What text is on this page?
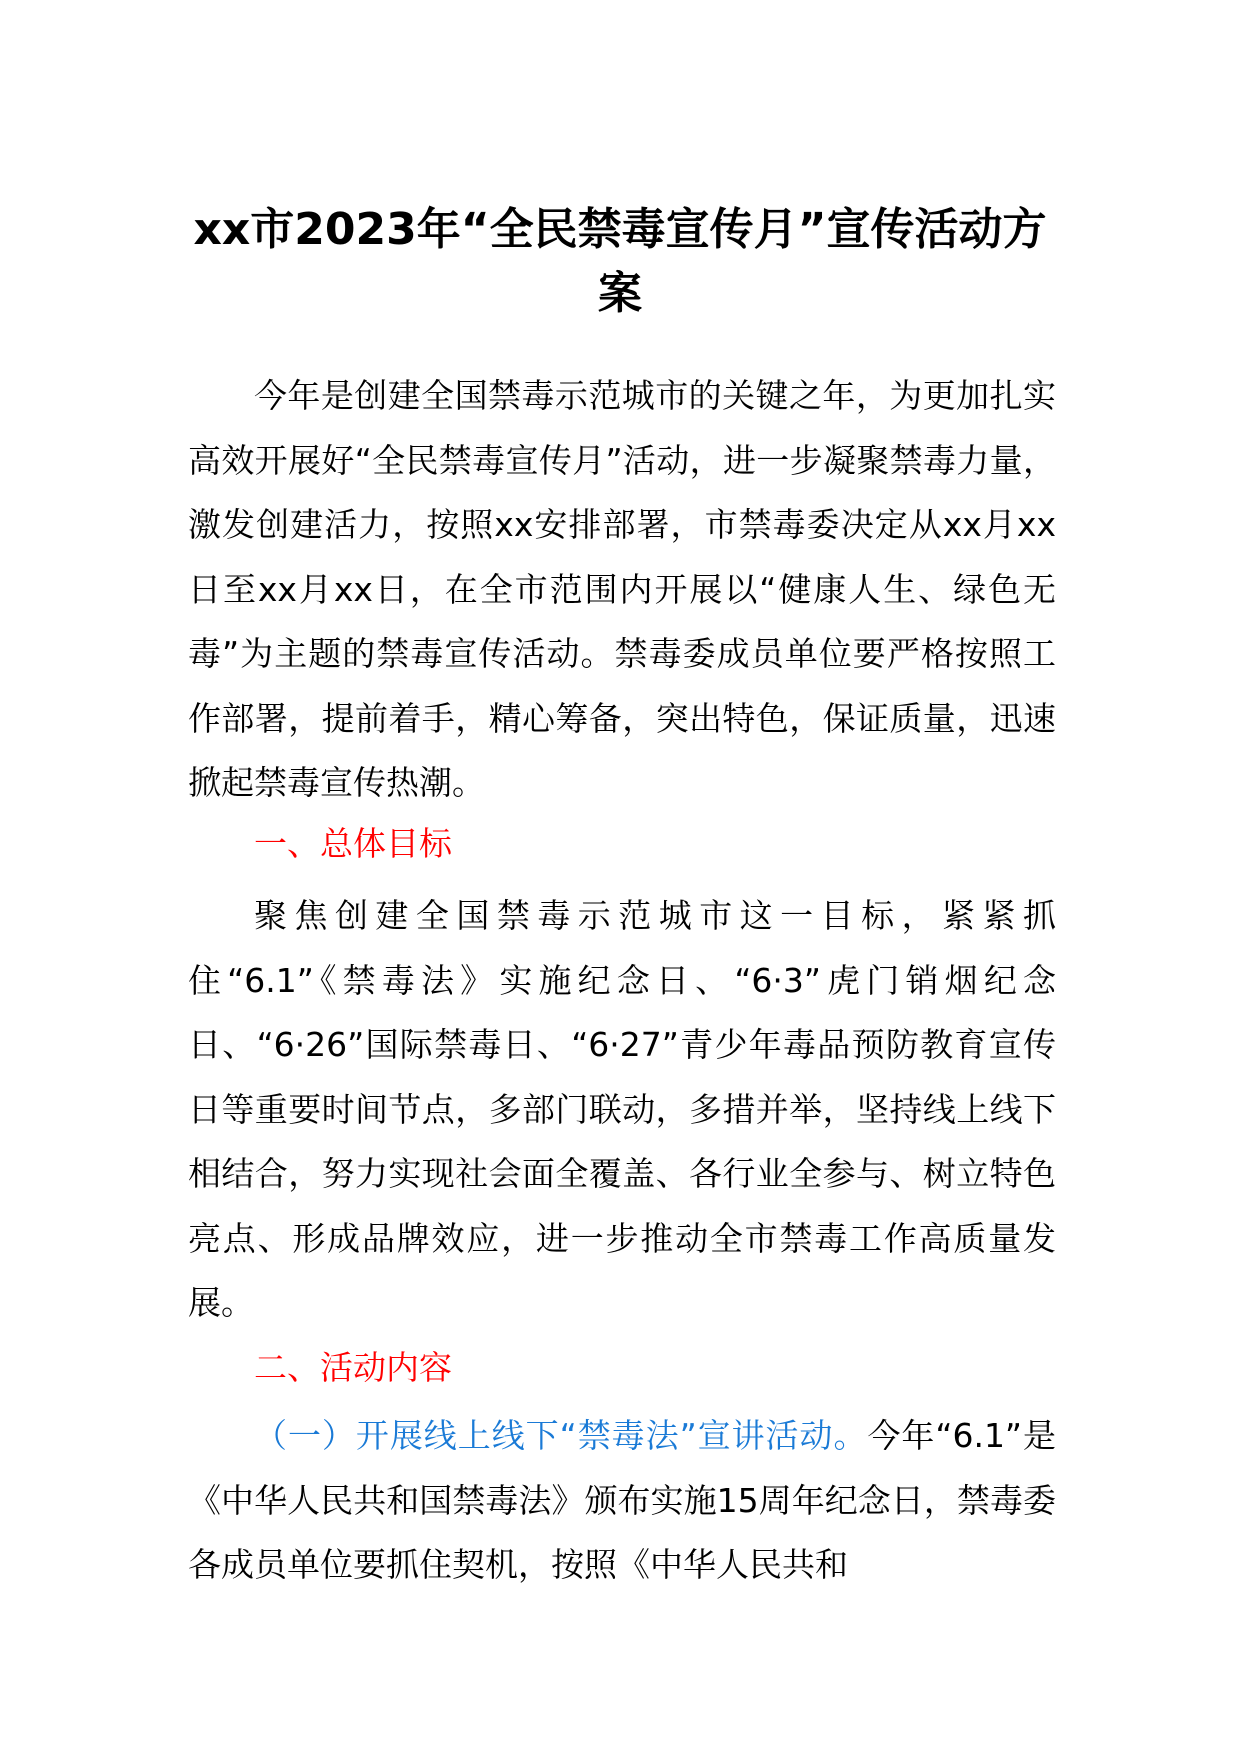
xx市2023年“全民禁毒宣传月”宣传活动方案

今年是创建全国禁毒示范城市的关键之年，为更加扎实高效开展好“全民禁毒宣传月”活动，进一步凝聚禁毒力量，激发创建活力，按照xx安排部署，市禁毒委决定从xx月xx日至xx月xx日，在全市范围内开展以“健康人生、绿色无毒”为主题的禁毒宣传活动。禁毒委成员单位要严格按照工作部署，提前着手，精心筹备，突出特色，保证质量，迅速掀起禁毒宣传热潮。

一、总体目标

聚焦创建全国禁毒示范城市这一目标，紧紧抓住“6.1”《禁毒法》实施纪念日、“6·3”虎门销烟纪念日、“6·26”国际禁毒日、“6·27”青少年毒品预防教育宣传日等重要时间节点，多部门联动，多措并举，坚持线上线下相结合，努力实现社会面全覆盖、各行业全参与、树立特色亮点、形成品牌效应，进一步推动全市禁毒工作高质量发展。

二、活动内容

（一）开展线上线下“禁毒法”宣讲活动。今年“6.1”是《中华人民共和国禁毒法》颁布实施15周年纪念日，禁毒委各成员单位要抓住契机，按照《中华人民共和
